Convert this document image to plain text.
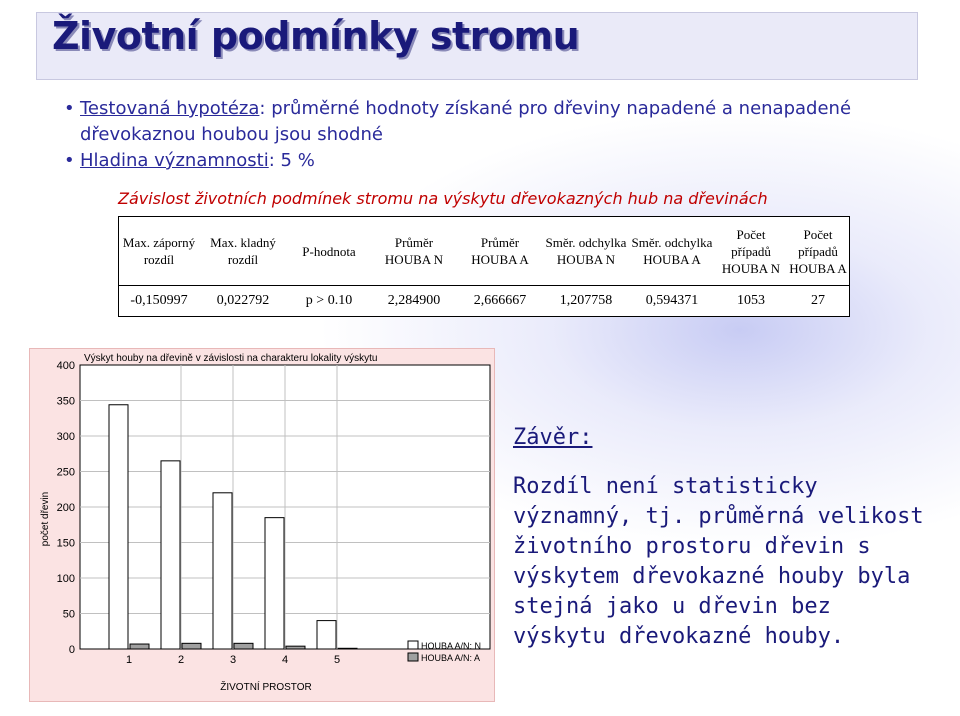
Životní podmínky stromu
• Testovaná hypotéza: průměrné hodnoty získané pro dřeviny napadené a nenapadené dřevokaznou houbou jsou shodné
• Hladina významnosti: 5 %

Závislost životních podmínek stromu na výskytu dřevokazných hub na dřevinách

Max. záporný rozdíl	Max. kladný rozdíl	P-hodnota	Průměr HOUBA N	Průměr HOUBA A	Směr. odchylka HOUBA N	Směr. odchylka HOUBA A	Počet případů HOUBA N	Počet případů HOUBA A
-0,150997	0,022792	p > 0.10	2,284900	2,666667	1,207758	0,594371	1053	27
0
50
100
150
200
250
300
350
400
1	2	3	4	5
Výskyt houby na dřevině v závislosti na charakteru lokality výskytu
ŽIVOTNÍ PROSTOR
počet dřevin
HOUBA A/N: N
HOUBA A/N: A

Závěr:

Rozdíl není statisticky významný, tj. průměrná velikost životního prostoru dřevin s výskytem dřevokazné houby byla stejná jako u dřevin bez výskytu dřevokazné houby.
